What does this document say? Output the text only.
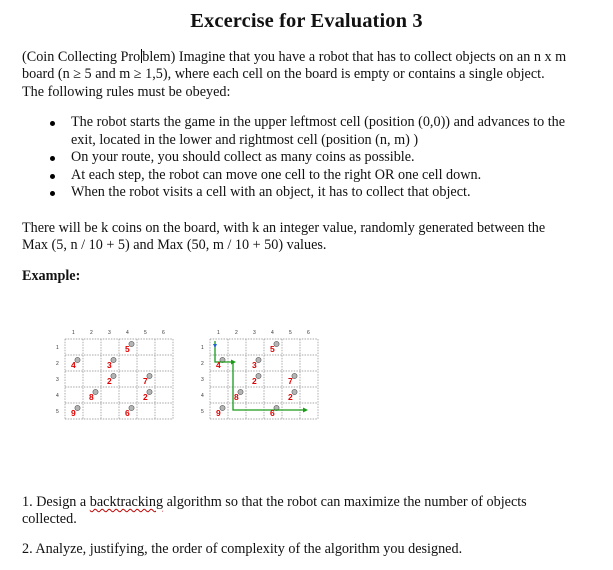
Excercise for Evaluation 3

(Coin Collecting Pro blem) Imagine that you have a robot that has to collect objects on an n x m
board (n ≥ 5 and m ≥ 1,5), where each cell on the board is empty or contains a single object.
The following rules must be obeyed:

The robot starts the game in the upper leftmost cell (position (0,0)) and advances to the
exit, located in the lower and rightmost cell (position (n, m) )
On your route, you should collect as many coins as possible.
At each step, the robot can move one cell to the right OR one cell down.
When the robot visits a cell with an object, it has to collect that object.

There will be k coins on the board, with k an integer value, randomly generated between the
Max (5, n / 10 + 5) and Max (50, m / 10 + 50) values.

Example:

1	2	3	4	5	6
1
2
3
4
5
5
4	3
2	7
8	2
9	6
1	2	3	4	5	6
1
2
3
4
5
5
4	3
2	7
8	2
9	6

1. Design a backtracking algorithm so that the robot can maximize the number of objects
collected.

2. Analyze, justifying, the order of complexity of the algorithm you designed.
